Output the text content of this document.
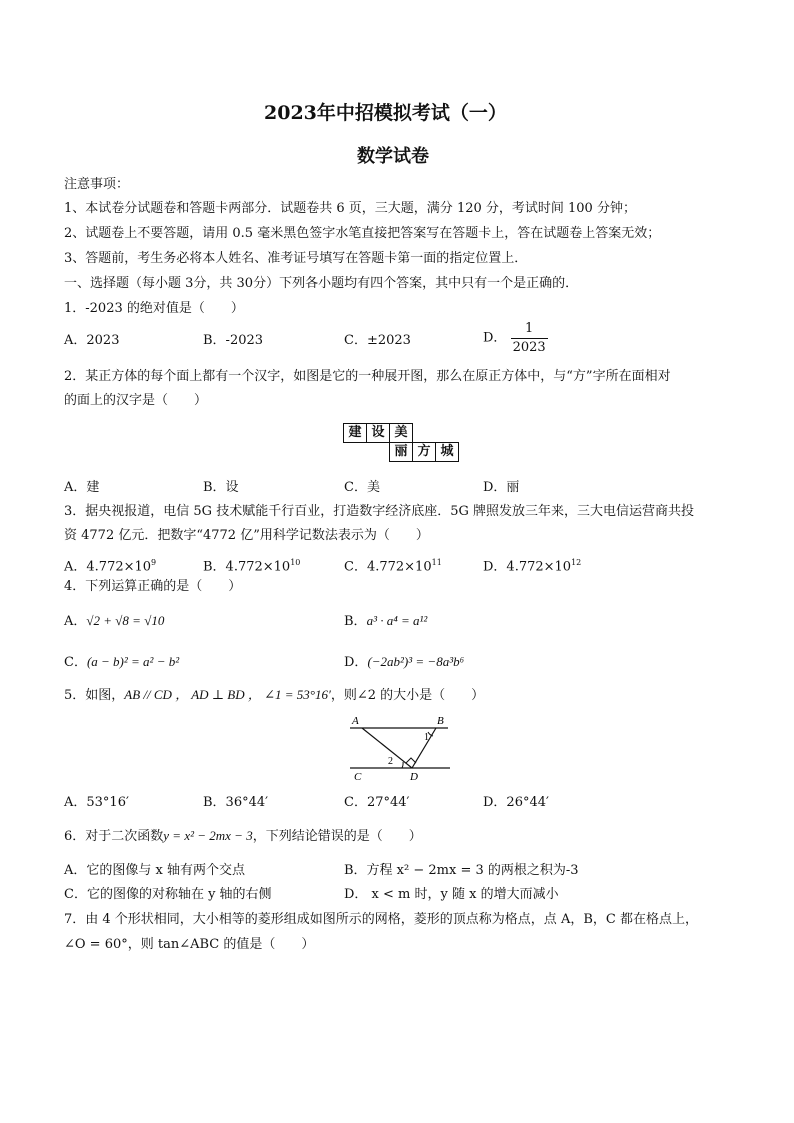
2023年中招模拟考试（一）
数学试卷
注意事项：
1、本试卷分试题卷和答题卡两部分．试题卷共 6 页，三大题，满分 120 分，考试时间 100 分钟；
2、试题卷上不要答题，请用 0.5 毫米黑色签字水笔直接把答案写在答题卡上，答在试题卷上答案无效；
3、答题前，考生务必将本人姓名、准考证号填写在答题卡第一面的指定位置上．
一、选择题（每小题 3分，共 30分）下列各小题均有四个答案，其中只有一个是正确的．
1．-2023 的绝对值是（　　）
A．2023	B．-2023	C．±2023	D． $\frac{1}{2023}$
2．某正方体的每个面上都有一个汉字，如图是它的一种展开图，那么在原正方体中，与“方”字所在面相对
的面上的汉字是（　　）
建 设 美
丽 方 城
A．建	B．设	C．美	D．丽
3．据央视报道，电信 5G 技术赋能千行百业，打造数字经济底座．5G 牌照发放三年来，三大电信运营商共投
资 4772 亿元．把数字“4772 亿”用科学记数法表示为（　　）
A．$4.772\times 10^9$	B．$4.772\times 10^{10}$	C．$4.772\times 10^{11}$	D．$4.772\times 10^{12}$
4．下列运算正确的是（　　）
A．√2 + √8 = √10	B．a³ · a⁴ = a¹²
C．(a − b)² = a² − b²	D．(−2ab²)³ = −8a³b⁶
5．如图，AB // CD ， AD ⊥ BD ， ∠1 = 53°16′，则∠2 的大小是（　　）
A	B
C	D
1
2
A．53°16′	B．36°44′	C．27°44′	D．26°44′
6．对于二次函数y = x² − 2mx − 3，下列结论错误的是（　　）
A．它的图像与 x 轴有两个交点	B．方程 x² − 2mx = 3 的两根之积为-3
C．它的图像的对称轴在 y 轴的右侧	D． x < m 时，y 随 x 的增大而减小
7．由 4 个形状相同，大小相等的菱形组成如图所示的网格，菱形的顶点称为格点，点 A，B，C 都在格点上，
∠O = 60°，则 tan∠ABC 的值是（　　）
